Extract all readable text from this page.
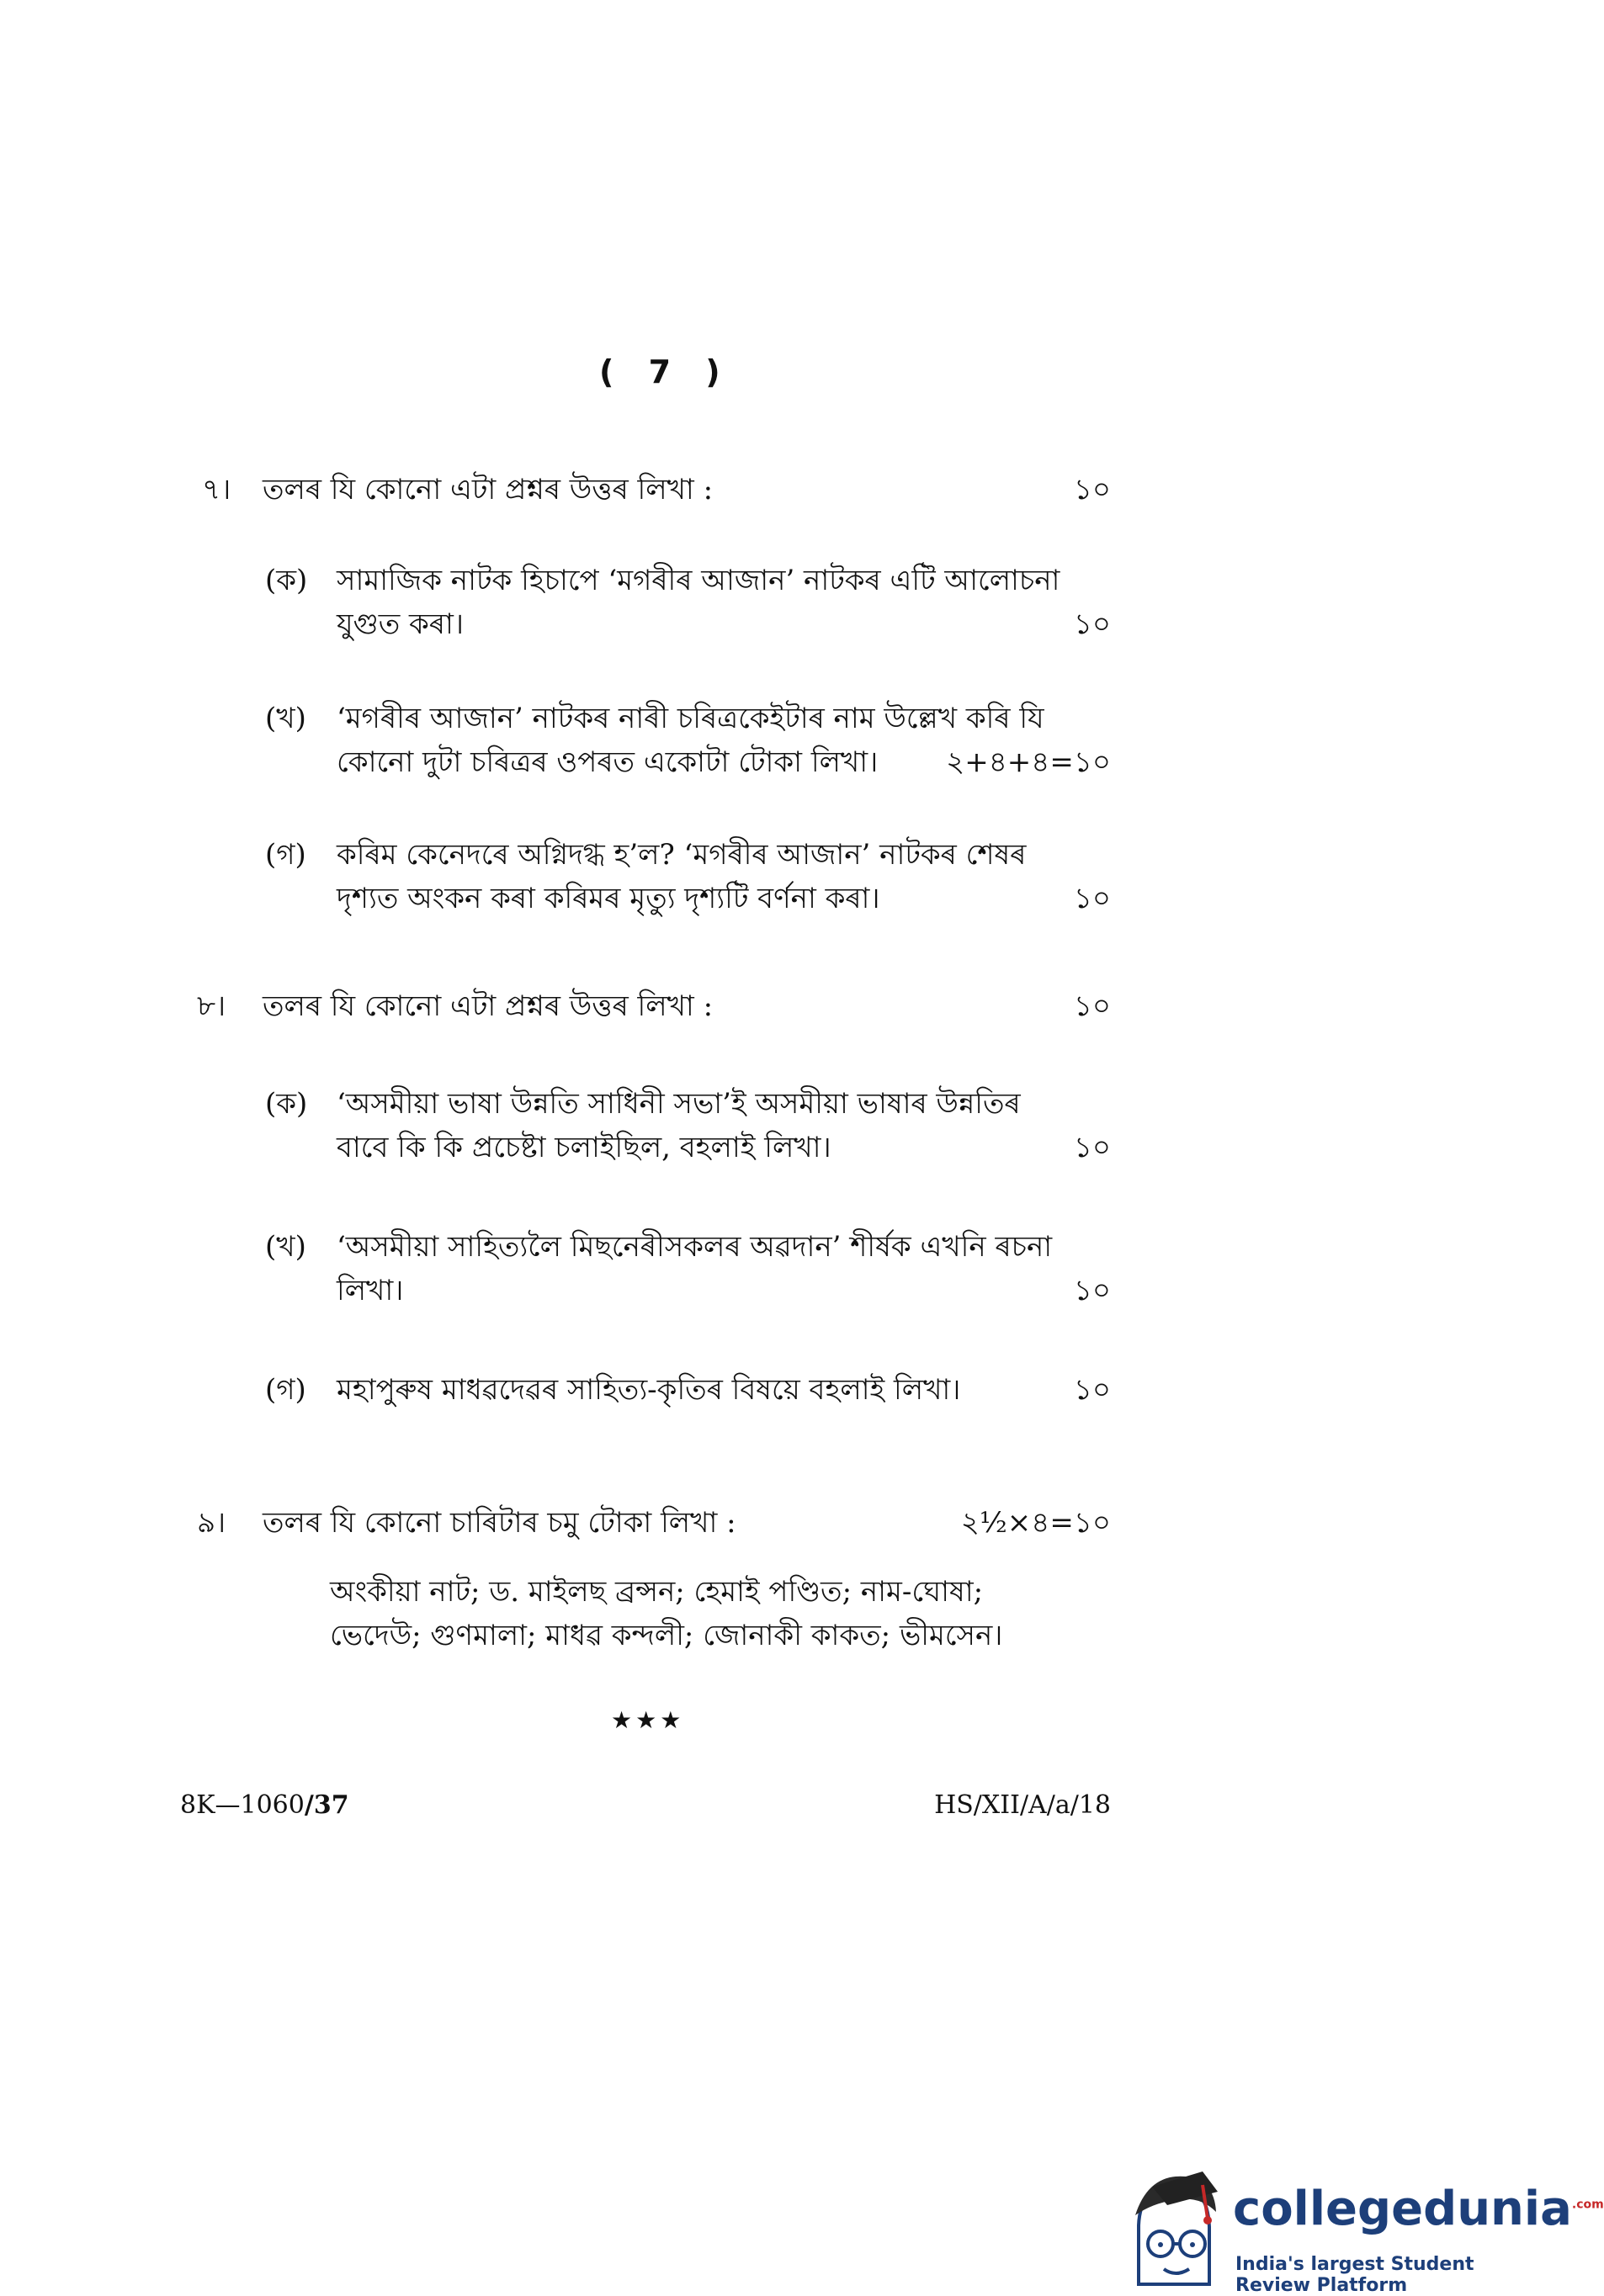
( 7 )
৭। তলৰ যি কোনো এটা প্ৰশ্নৰ উত্তৰ লিখা :	১০
(ক) সামাজিক নাটক হিচাপে ‘মগৰীৰ আজান’ নাটকৰ এটি আলোচনা
যুগুত কৰা।	১০
(খ) ‘মগৰীৰ আজান’ নাটকৰ নাৰী চৰিত্ৰকেইটাৰ নাম উল্লেখ কৰি যি
কোনো দুটা চৰিত্ৰৰ ওপৰত একোটা টোকা লিখা।	২+৪+৪=১০
(গ) কৰিম কেনেদৰে অগ্নিদগ্ধ হ’ল? ‘মগৰীৰ আজান’ নাটকৰ শেষৰ
দৃশ্যত অংকন কৰা কৰিমৰ মৃত্যু দৃশ্যটি বৰ্ণনা কৰা।	১০
৮। তলৰ যি কোনো এটা প্ৰশ্নৰ উত্তৰ লিখা :	১০
(ক) ‘অসমীয়া ভাষা উন্নতি সাধিনী সভা’ই অসমীয়া ভাষাৰ উন্নতিৰ
বাবে কি কি প্ৰচেষ্টা চলাইছিল, বহলাই লিখা।	১০
(খ) ‘অসমীয়া সাহিত্যলৈ মিছনেৰীসকলৰ অৱদান’ শীৰ্ষক এখনি ৰচনা
লিখা।	১০
(গ) মহাপুৰুষ মাধৱদেৱৰ সাহিত্য-কৃতিৰ বিষয়ে বহলাই লিখা।	১০
৯। তলৰ যি কোনো চাৰিটাৰ চমু টোকা লিখা :	২½×৪=১০
অংকীয়া নাট; ড. মাইলছ ব্ৰন্সন; হেমাই পণ্ডিত; নাম-ঘোষা;
ভেদেউ; গুণমালা; মাধৱ কন্দলী; জোনাকী কাকত; ভীমসেন।
★★★
8K—1060/37	HS/XII/A/a/18
collegedunia$^{.com}$
India's largest Student Review Platform
